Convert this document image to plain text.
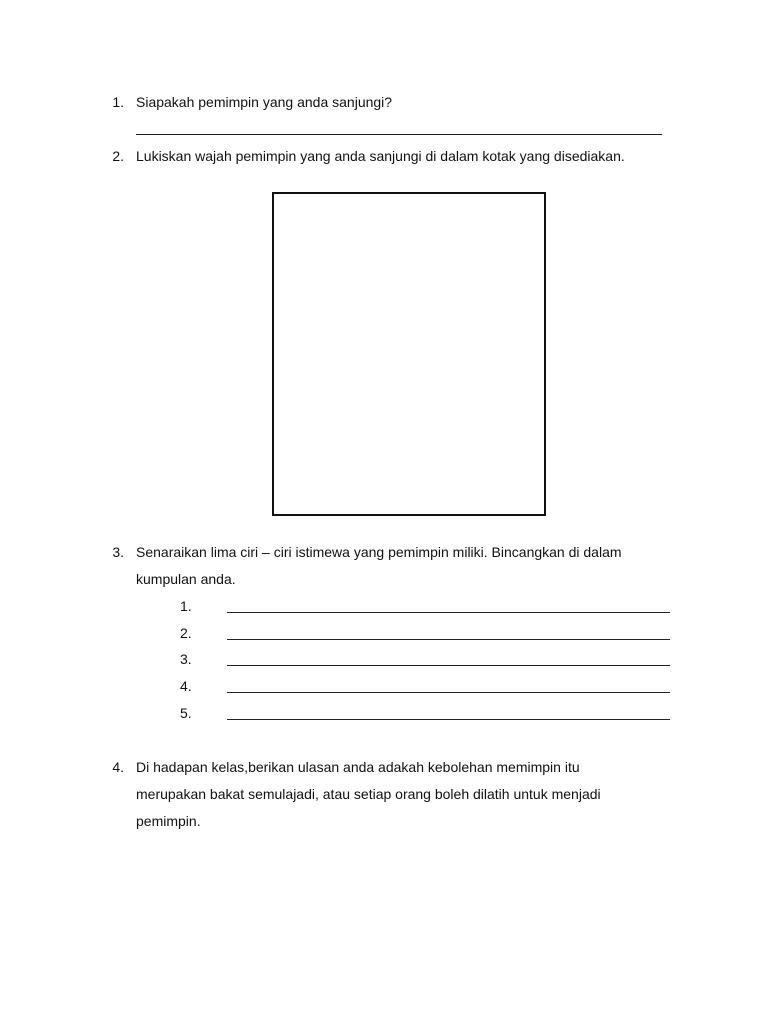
1. Siapakah pemimpin yang anda sanjungi?
2. Lukiskan wajah pemimpin yang anda sanjungi di dalam kotak yang disediakan.
3. Senaraikan lima ciri – ciri istimewa yang pemimpin miliki. Bincangkan di dalam
kumpulan anda.
1.
2.
3.
4.
5.
4. Di hadapan kelas,berikan ulasan anda adakah kebolehan memimpin itu
merupakan bakat semulajadi, atau setiap orang boleh dilatih untuk menjadi
pemimpin.
